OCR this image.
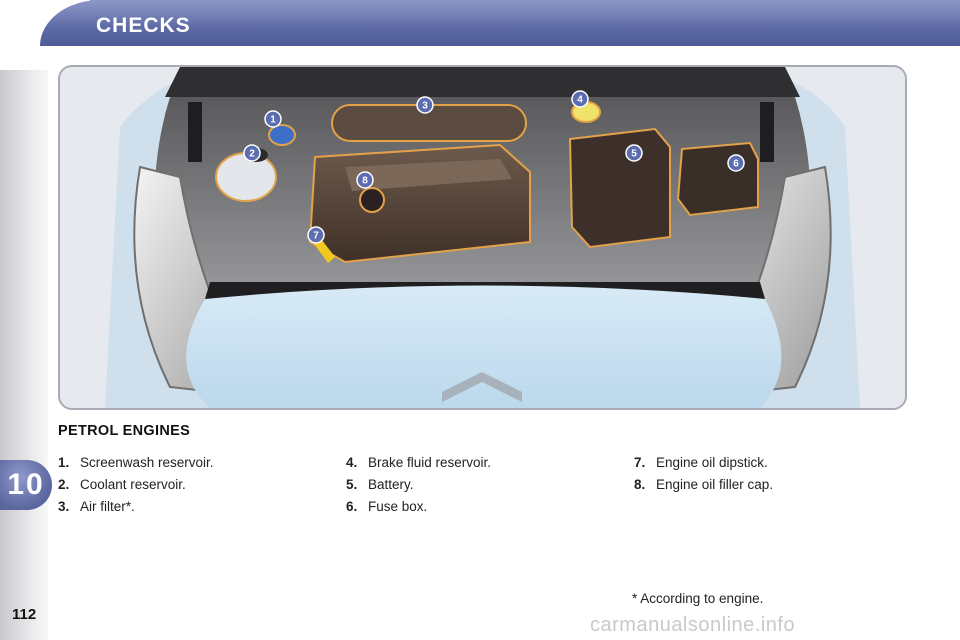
CHECKS
10
112
1
2
3
4
5
6
7
8
PETROL ENGINES
1. Screenwash reservoir.
2. Coolant reservoir.
3. Air filter*.
4. Brake fluid reservoir.
5. Battery.
6. Fuse box.
7. Engine oil dipstick.
8. Engine oil filler cap.
* According to engine.
carmanualsonline.info
